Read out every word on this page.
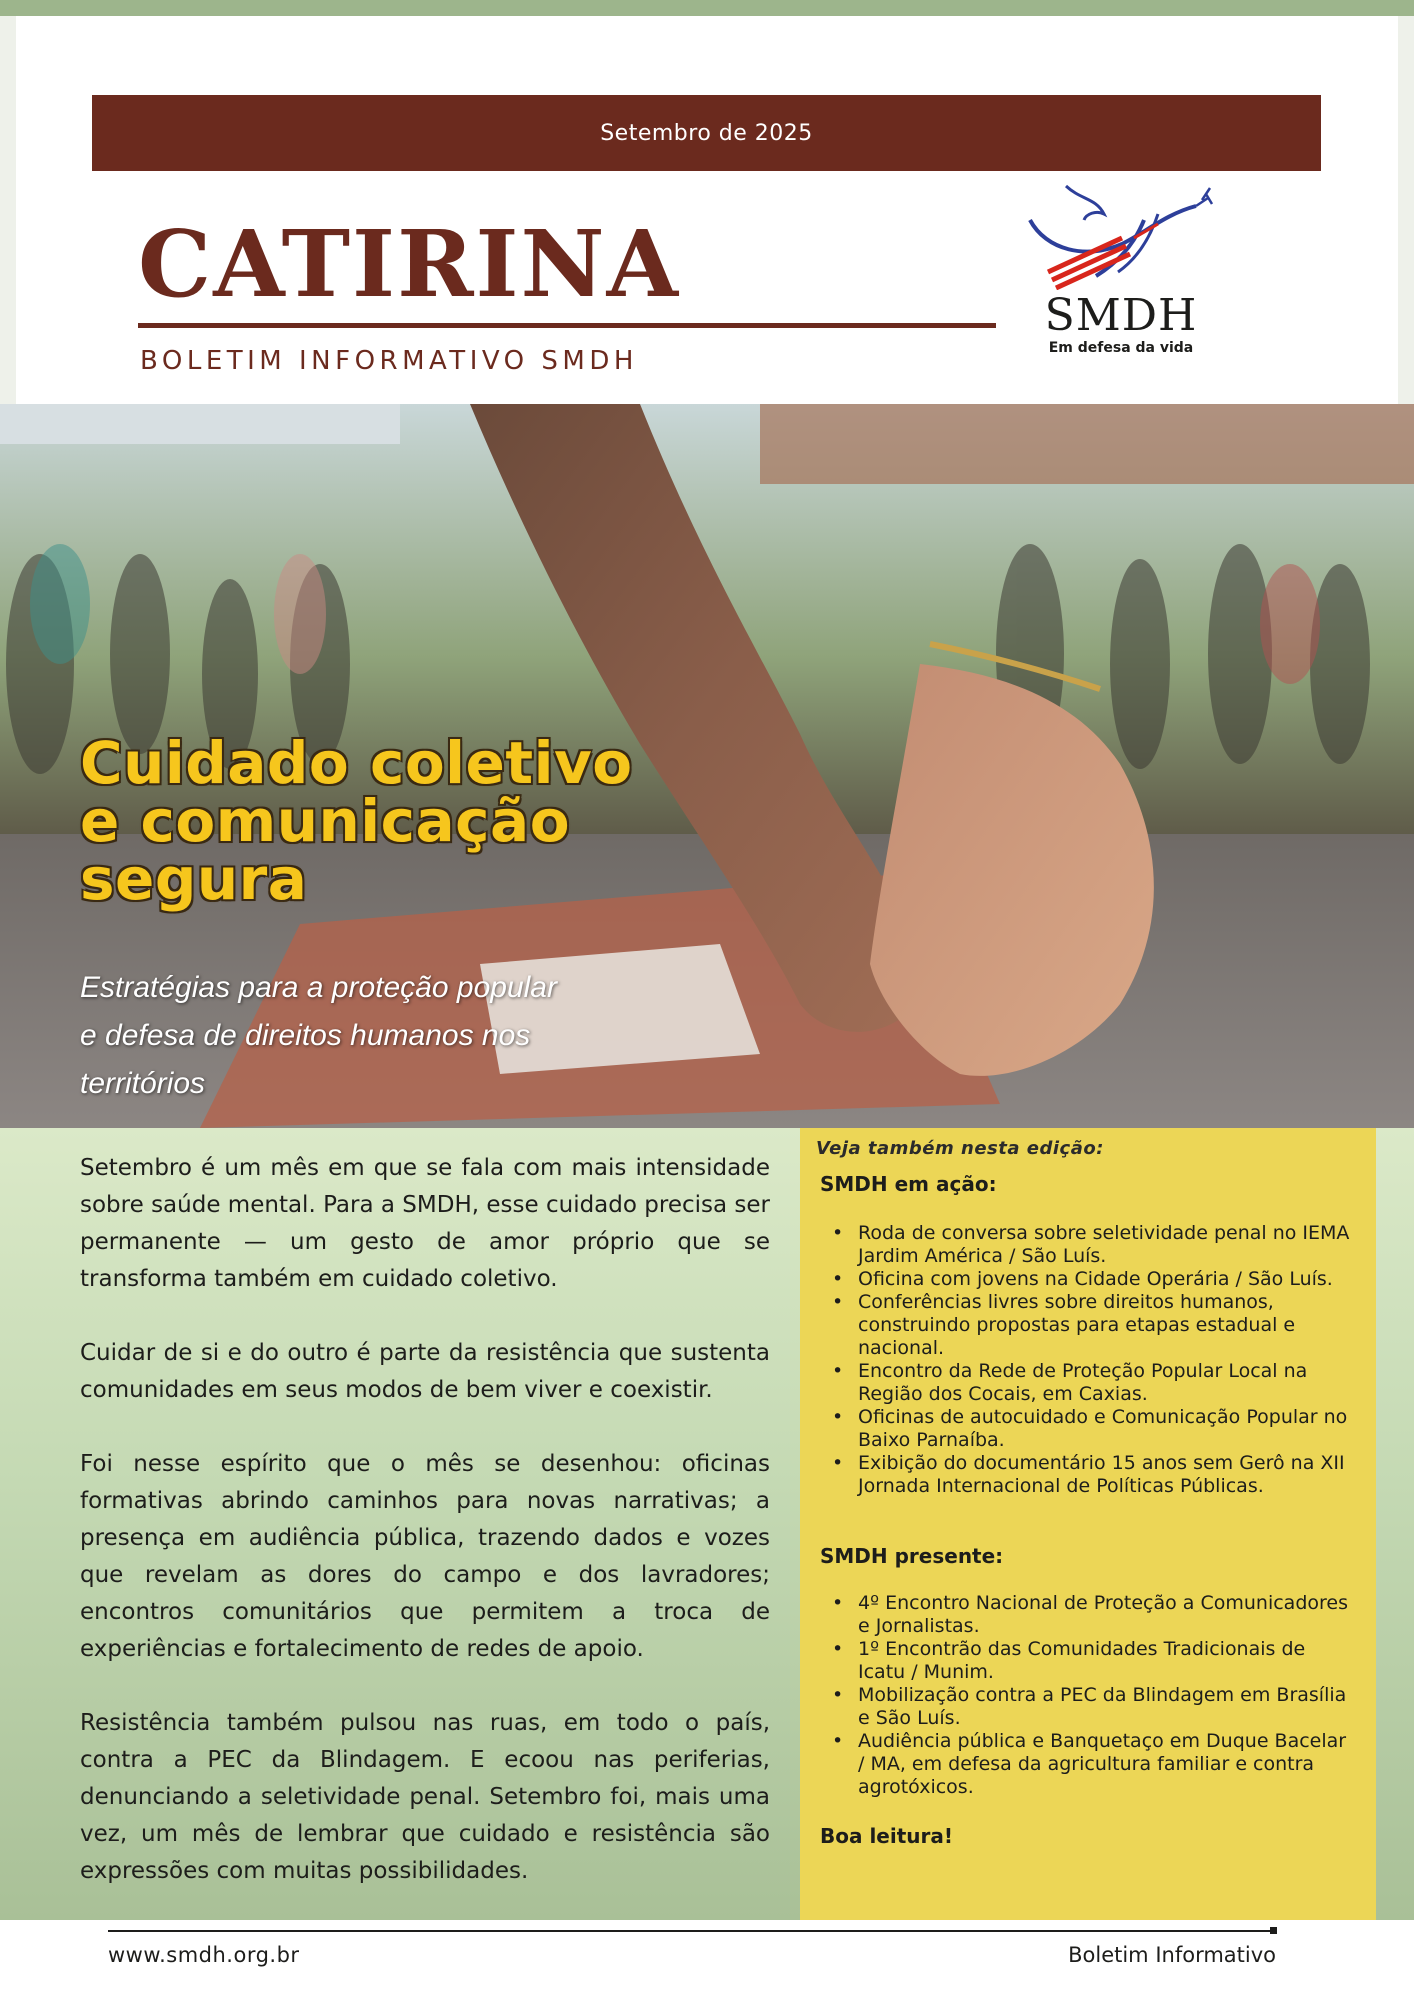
Setembro de 2025
CATIRINA
BOLETIM INFORMATIVO SMDH
SMDH
Em defesa da vida
Cuidado coletivo
e comunicação
segura
Estratégias para a proteção popular
e defesa de direitos humanos nos
territórios

Setembro é um mês em que se fala com mais intensidade sobre saúde mental. Para a SMDH, esse cuidado precisa ser permanente — um gesto de amor próprio que se transforma também em cuidado coletivo.

Cuidar de si e do outro é parte da resistência que sustenta comunidades em seus modos de bem viver e coexistir.

Foi nesse espírito que o mês se desenhou: oficinas formativas abrindo caminhos para novas narrativas; a presença em audiência pública, trazendo dados e vozes que revelam as dores do campo e dos lavradores; encontros comunitários que permitem a troca de experiências e fortalecimento de redes de apoio.

Resistência também pulsou nas ruas, em todo o país, contra a PEC da Blindagem. E ecoou nas periferias, denunciando a seletividade penal. Setembro foi, mais uma vez, um mês de lembrar que cuidado e resistência são expressões com muitas possibilidades.

Veja também nesta edição:
SMDH em ação:
• Roda de conversa sobre seletividade penal no IEMA Jardim América / São Luís.
• Oficina com jovens na Cidade Operária / São Luís.
• Conferências livres sobre direitos humanos, construindo propostas para etapas estadual e nacional.
• Encontro da Rede de Proteção Popular Local na Região dos Cocais, em Caxias.
• Oficinas de autocuidado e Comunicação Popular no Baixo Parnaíba.
• Exibição do documentário 15 anos sem Gerô na XII Jornada Internacional de Políticas Públicas.
SMDH presente:
• 4º Encontro Nacional de Proteção a Comunicadores e Jornalistas.
• 1º Encontrão das Comunidades Tradicionais de Icatu / Munim.
• Mobilização contra a PEC da Blindagem em Brasília e São Luís.
• Audiência pública e Banquetaço em Duque Bacelar / MA, em defesa da agricultura familiar e contra agrotóxicos.
Boa leitura!
www.smdh.org.br	Boletim Informativo
